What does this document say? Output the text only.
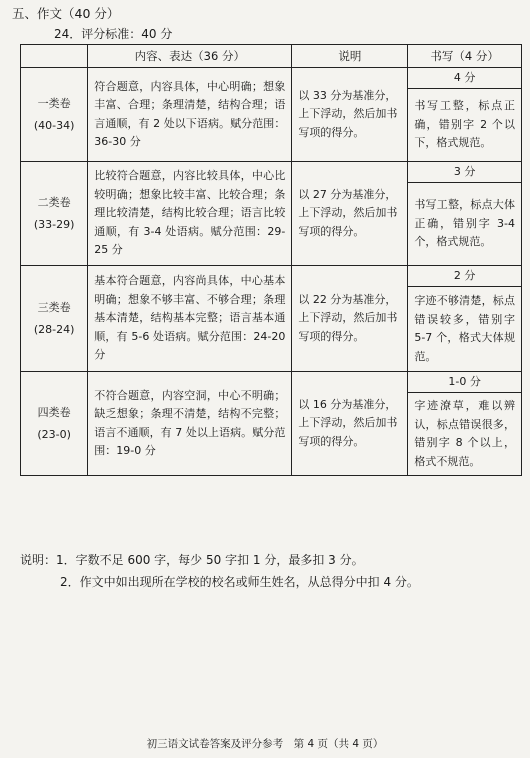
五、作文（40 分）
24．评分标准：40 分
	内容、表达（36 分）	说明	书写（4 分）

一类卷
(40-34)	符合题意，内容具体，中心明确；想象丰富、合理；条理清楚，结构合理；语言通顺，有 2 处以下语病。赋分范围：36-30 分	以 33 分为基准分，上下浮动，然后加书写项的得分。	4 分
			书写工整，标点正确，错别字 2 个以下，格式规范。

二类卷
(33-29)	比较符合题意，内容比较具体，中心比较明确；想象比较丰富、比较合理；条理比较清楚，结构比较合理；语言比较通顺，有 3-4 处语病。赋分范围：29-25 分	以 27 分为基准分，上下浮动，然后加书写项的得分。	3 分
			书写工整，标点大体正确，错别字 3-4 个，格式规范。

三类卷
(28-24)	基本符合题意，内容尚具体，中心基本明确；想象不够丰富、不够合理；条理基本清楚，结构基本完整；语言基本通顺，有 5-6 处语病。赋分范围：24-20 分	以 22 分为基准分，上下浮动，然后加书写项的得分。	2 分
			字迹不够清楚，标点错误较多，错别字 5-7 个，格式大体规范。

四类卷
(23-0)	不符合题意，内容空洞，中心不明确；缺乏想象；条理不清楚，结构不完整；语言不通顺，有 7 处以上语病。赋分范围：19-0 分	以 16 分为基准分，上下浮动，然后加书写项的得分。	1-0 分
			字迹潦草，难以辨认，标点错误很多，错别字 8 个以上，格式不规范。
说明：1．字数不足 600 字，每少 50 字扣 1 分，最多扣 3 分。
2．作文中如出现所在学校的校名或师生姓名，从总得分中扣 4 分。
初三语文试卷答案及评分参考　第 4 页（共 4 页）
